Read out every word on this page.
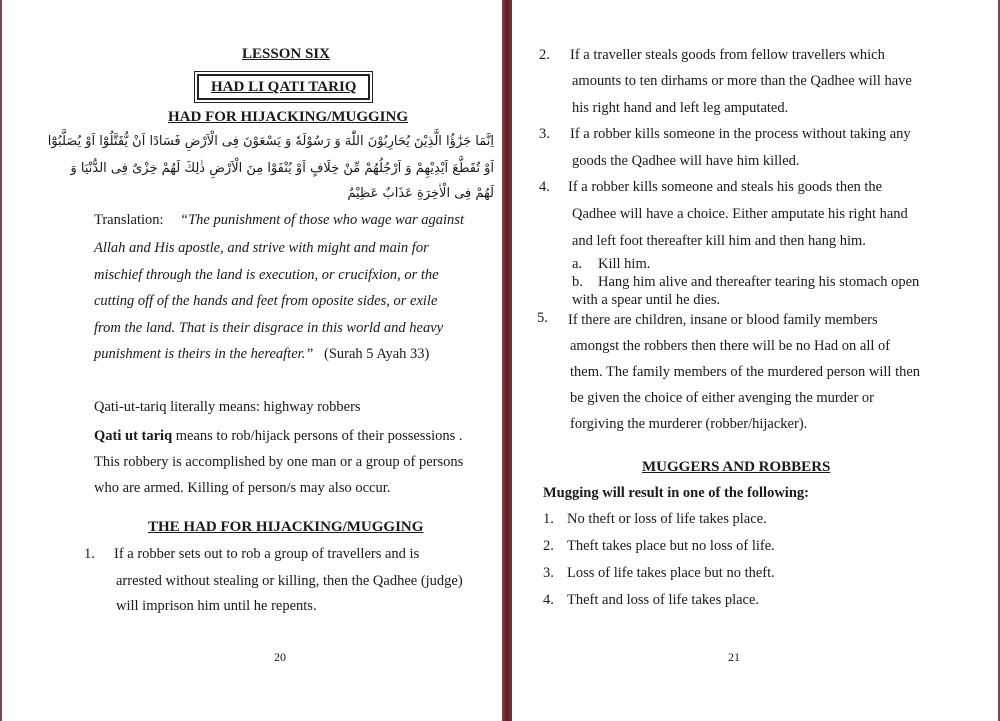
LESSON SIX
HAD LI QATI TARIQ
HAD FOR HIJACKING/MUGGING
اِنَّمَا جَزٰٓؤُا الَّذِيْنَ يُحَارِبُوْنَ اللّٰهَ وَ رَسُوْلَهٗ وَ يَسْعَوْنَ فِى الْاَرْضِ فَسَادًا اَنْ يُّقَتَّلُوْٓا اَوْ يُصَلَّبُوْٓا
اَوْ تُقَطَّعَ اَيْدِيْهِمْ وَ اَرْجُلُهُمْ مِّنْ خِلَافٍ اَوْ يُنْفَوْا مِنَ الْاَرْضِ ذٰلِكَ لَهُمْ خِزْىٌ فِى الدُّنْيَا وَ
لَهُمْ فِى الْاٰخِرَةِ عَذَابٌ عَظِيْمٌ
Translation: “The punishment of those who wage war against
Allah and His apostle, and strive with might and main for
mischief through the land is execution, or crucifxion, or the
cutting off of the hands and feet from oposite sides, or exile
from the land. That is their disgrace in this world and heavy
punishment is theirs in the hereafter.” (Surah 5 Ayah 33)
Qati-ut-tariq literally means: highway robbers
Qati ut tariq means to rob/hijack persons of their possessions .
This robbery is accomplished by one man or a group of persons
who are armed. Killing of person/s may also occur.
THE HAD FOR HIJACKING/MUGGING
1. If a robber sets out to rob a group of travellers and is
arrested without stealing or killing, then the Qadhee (judge)
will imprison him until he repents.
20
2. If a traveller steals goods from fellow travellers which
amounts to ten dirhams or more than the Qadhee will have
his right hand and left leg amputated.
3. If a robber kills someone in the process without taking any
goods the Qadhee will have him killed.
4. If a robber kills someone and steals his goods then the
Qadhee will have a choice. Either amputate his right hand
and left foot thereafter kill him and then hang him.
a. Kill him.
b. Hang him alive and thereafter tearing his stomach open
with a spear until he dies.
5. If there are children, insane or blood family members
amongst the robbers then there will be no Had on all of
them. The family members of the murdered person will then
be given the choice of either avenging the murder or
forgiving the murderer (robber/hijacker).
MUGGERS AND ROBBERS
Mugging will result in one of the following:
1. No theft or loss of life takes place.
2. Theft takes place but no loss of life.
3. Loss of life takes place but no theft.
4. Theft and loss of life takes place.
21
